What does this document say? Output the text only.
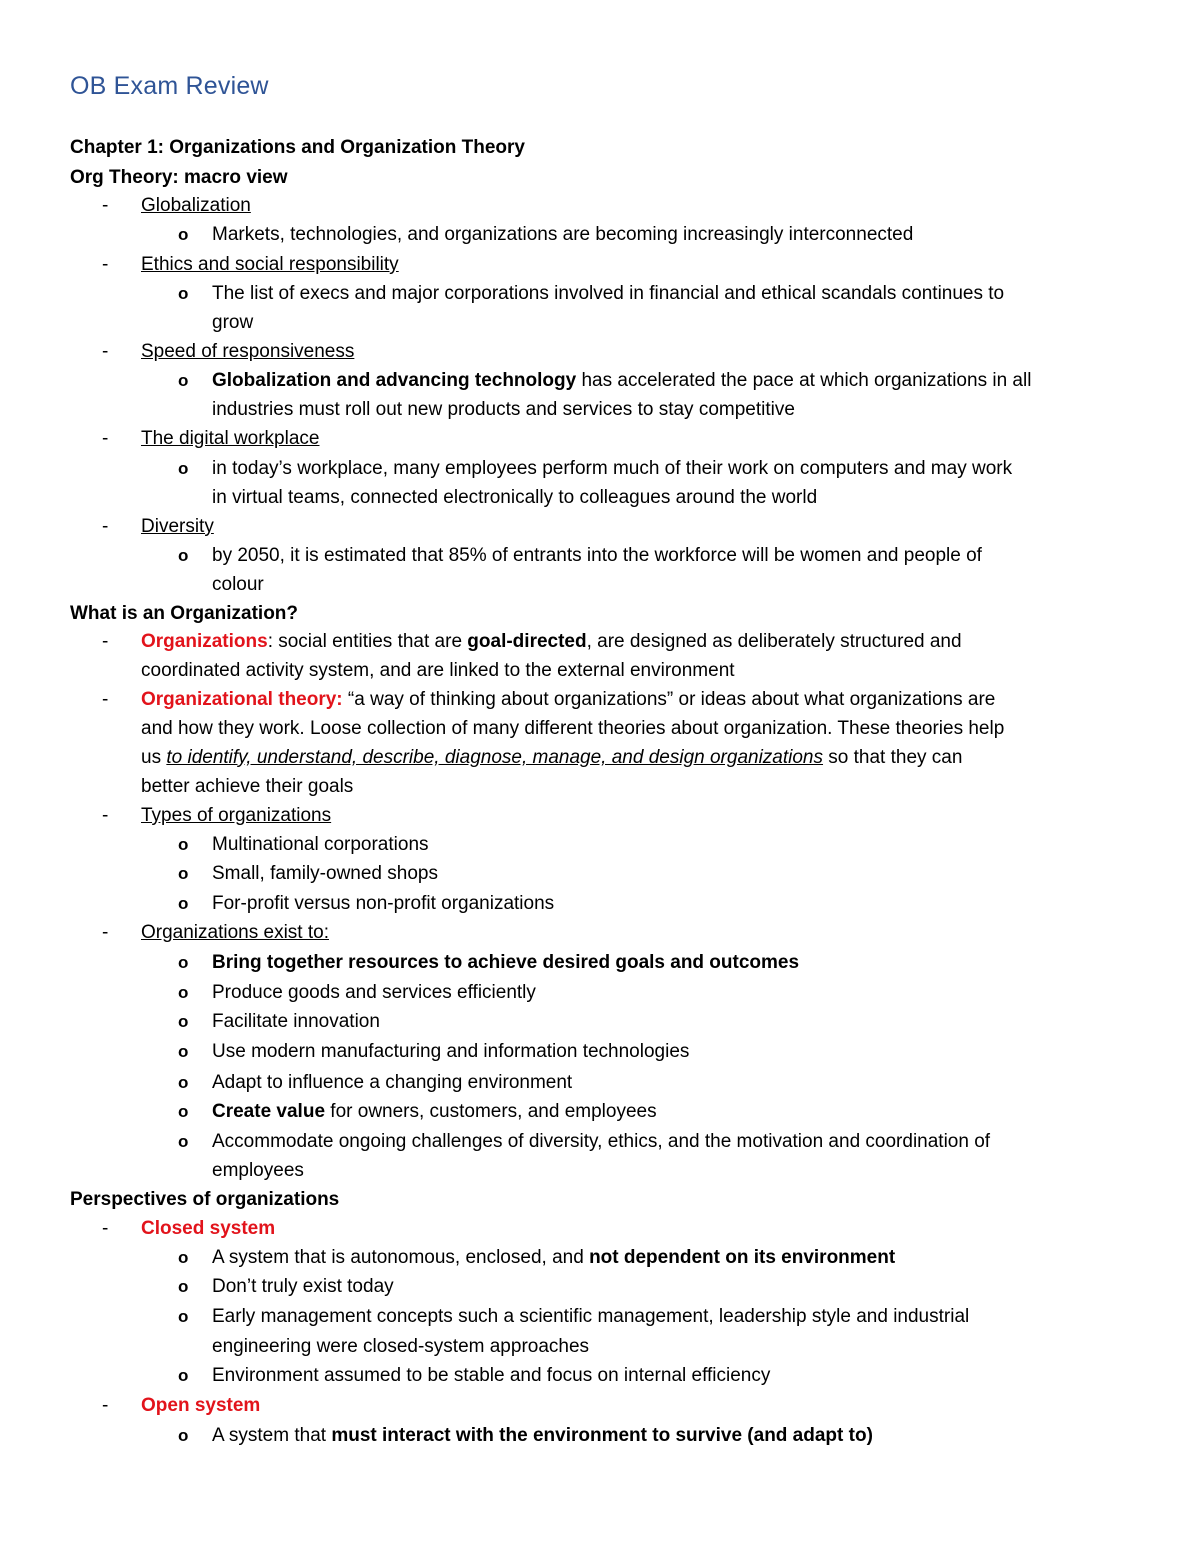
OB Exam Review
Chapter 1: Organizations and Organization Theory
Org Theory: macro view
- Globalization
o Markets, technologies, and organizations are becoming increasingly interconnected
- Ethics and social responsibility
o The list of execs and major corporations involved in financial and ethical scandals continues to
grow
- Speed of responsiveness
o Globalization and advancing technology has accelerated the pace at which organizations in all
industries must roll out new products and services to stay competitive
- The digital workplace
o in today’s workplace, many employees perform much of their work on computers and may work
in virtual teams, connected electronically to colleagues around the world
- Diversity
o by 2050, it is estimated that 85% of entrants into the workforce will be women and people of
colour
What is an Organization?
- Organizations: social entities that are goal-directed, are designed as deliberately structured and
coordinated activity system, and are linked to the external environment
- Organizational theory: “a way of thinking about organizations” or ideas about what organizations are
and how they work. Loose collection of many different theories about organization. These theories help
us to identify, understand, describe, diagnose, manage, and design organizations so that they can
better achieve their goals
- Types of organizations
o Multinational corporations
o Small, family-owned shops
o For-profit versus non-profit organizations
- Organizations exist to:
o Bring together resources to achieve desired goals and outcomes
o Produce goods and services efficiently
o Facilitate innovation
o Use modern manufacturing and information technologies
o Adapt to influence a changing environment
o Create value for owners, customers, and employees
o Accommodate ongoing challenges of diversity, ethics, and the motivation and coordination of
employees
Perspectives of organizations
- Closed system
o A system that is autonomous, enclosed, and not dependent on its environment
o Don’t truly exist today
o Early management concepts such a scientific management, leadership style and industrial
engineering were closed-system approaches
o Environment assumed to be stable and focus on internal efficiency
- Open system
o A system that must interact with the environment to survive (and adapt to)
